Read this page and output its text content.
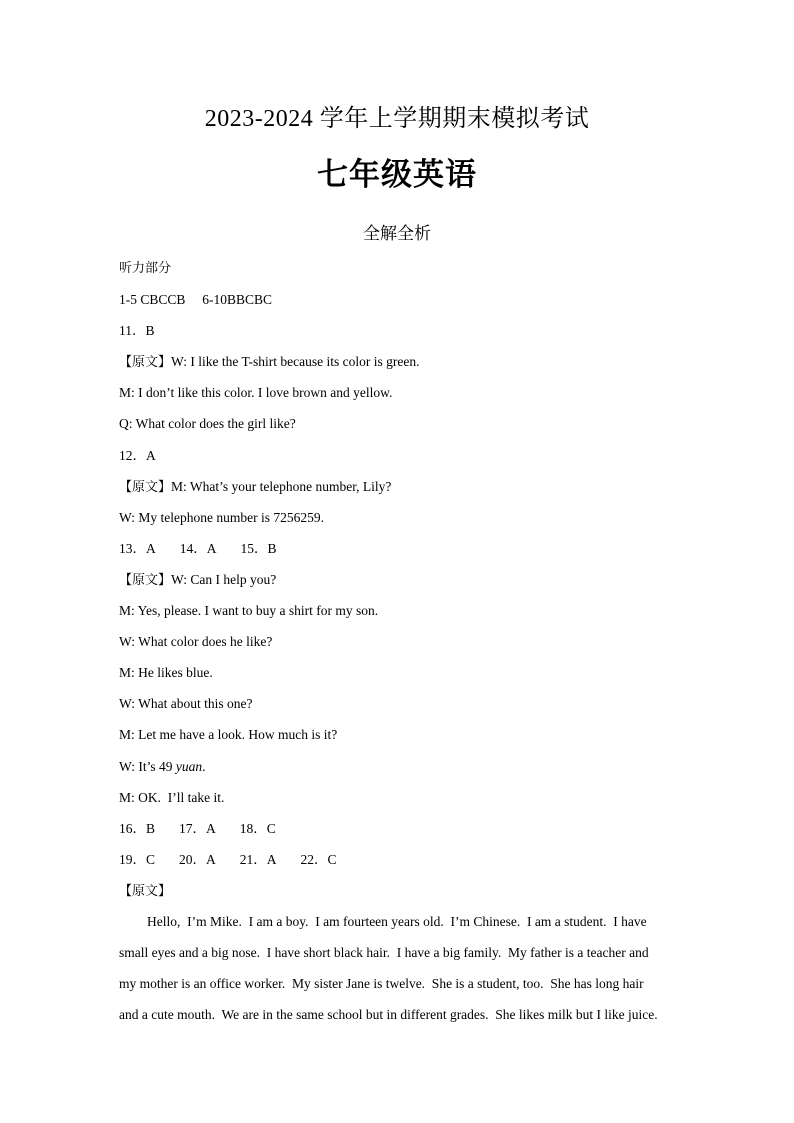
2023-2024 学年上学期期末模拟考试
七年级英语
全解全析
听力部分
1-5 CBCCB     6-10BBCBC
11．B
【原文】W: I like the T-shirt because its color is green.
M: I don’t like this color. I love brown and yellow.
Q: What color does the girl like?
12．A
【原文】M: What’s your telephone number, Lily?
W: My telephone number is 7256259.
13．A 14．A 15．B
【原文】W: Can I help you?
M: Yes, please. I want to buy a shirt for my son.
W: What color does he like?
M: He likes blue.
W: What about this one?
M: Let me have a look. How much is it?
W: It’s 49 yuan.
M: OK.  I’ll take it.
16．B 17．A 18．C
19．C 20．A 21．A 22．C
【原文】
Hello,  I’m Mike.  I am a boy.  I am fourteen years old.  I’m Chinese.  I am a student.  I have
small eyes and a big nose.  I have short black hair.  I have a big family.  My father is a teacher and
my mother is an office worker.  My sister Jane is twelve.  She is a student, too.  She has long hair
and a cute mouth.  We are in the same school but in different grades.  She likes milk but I like juice.
